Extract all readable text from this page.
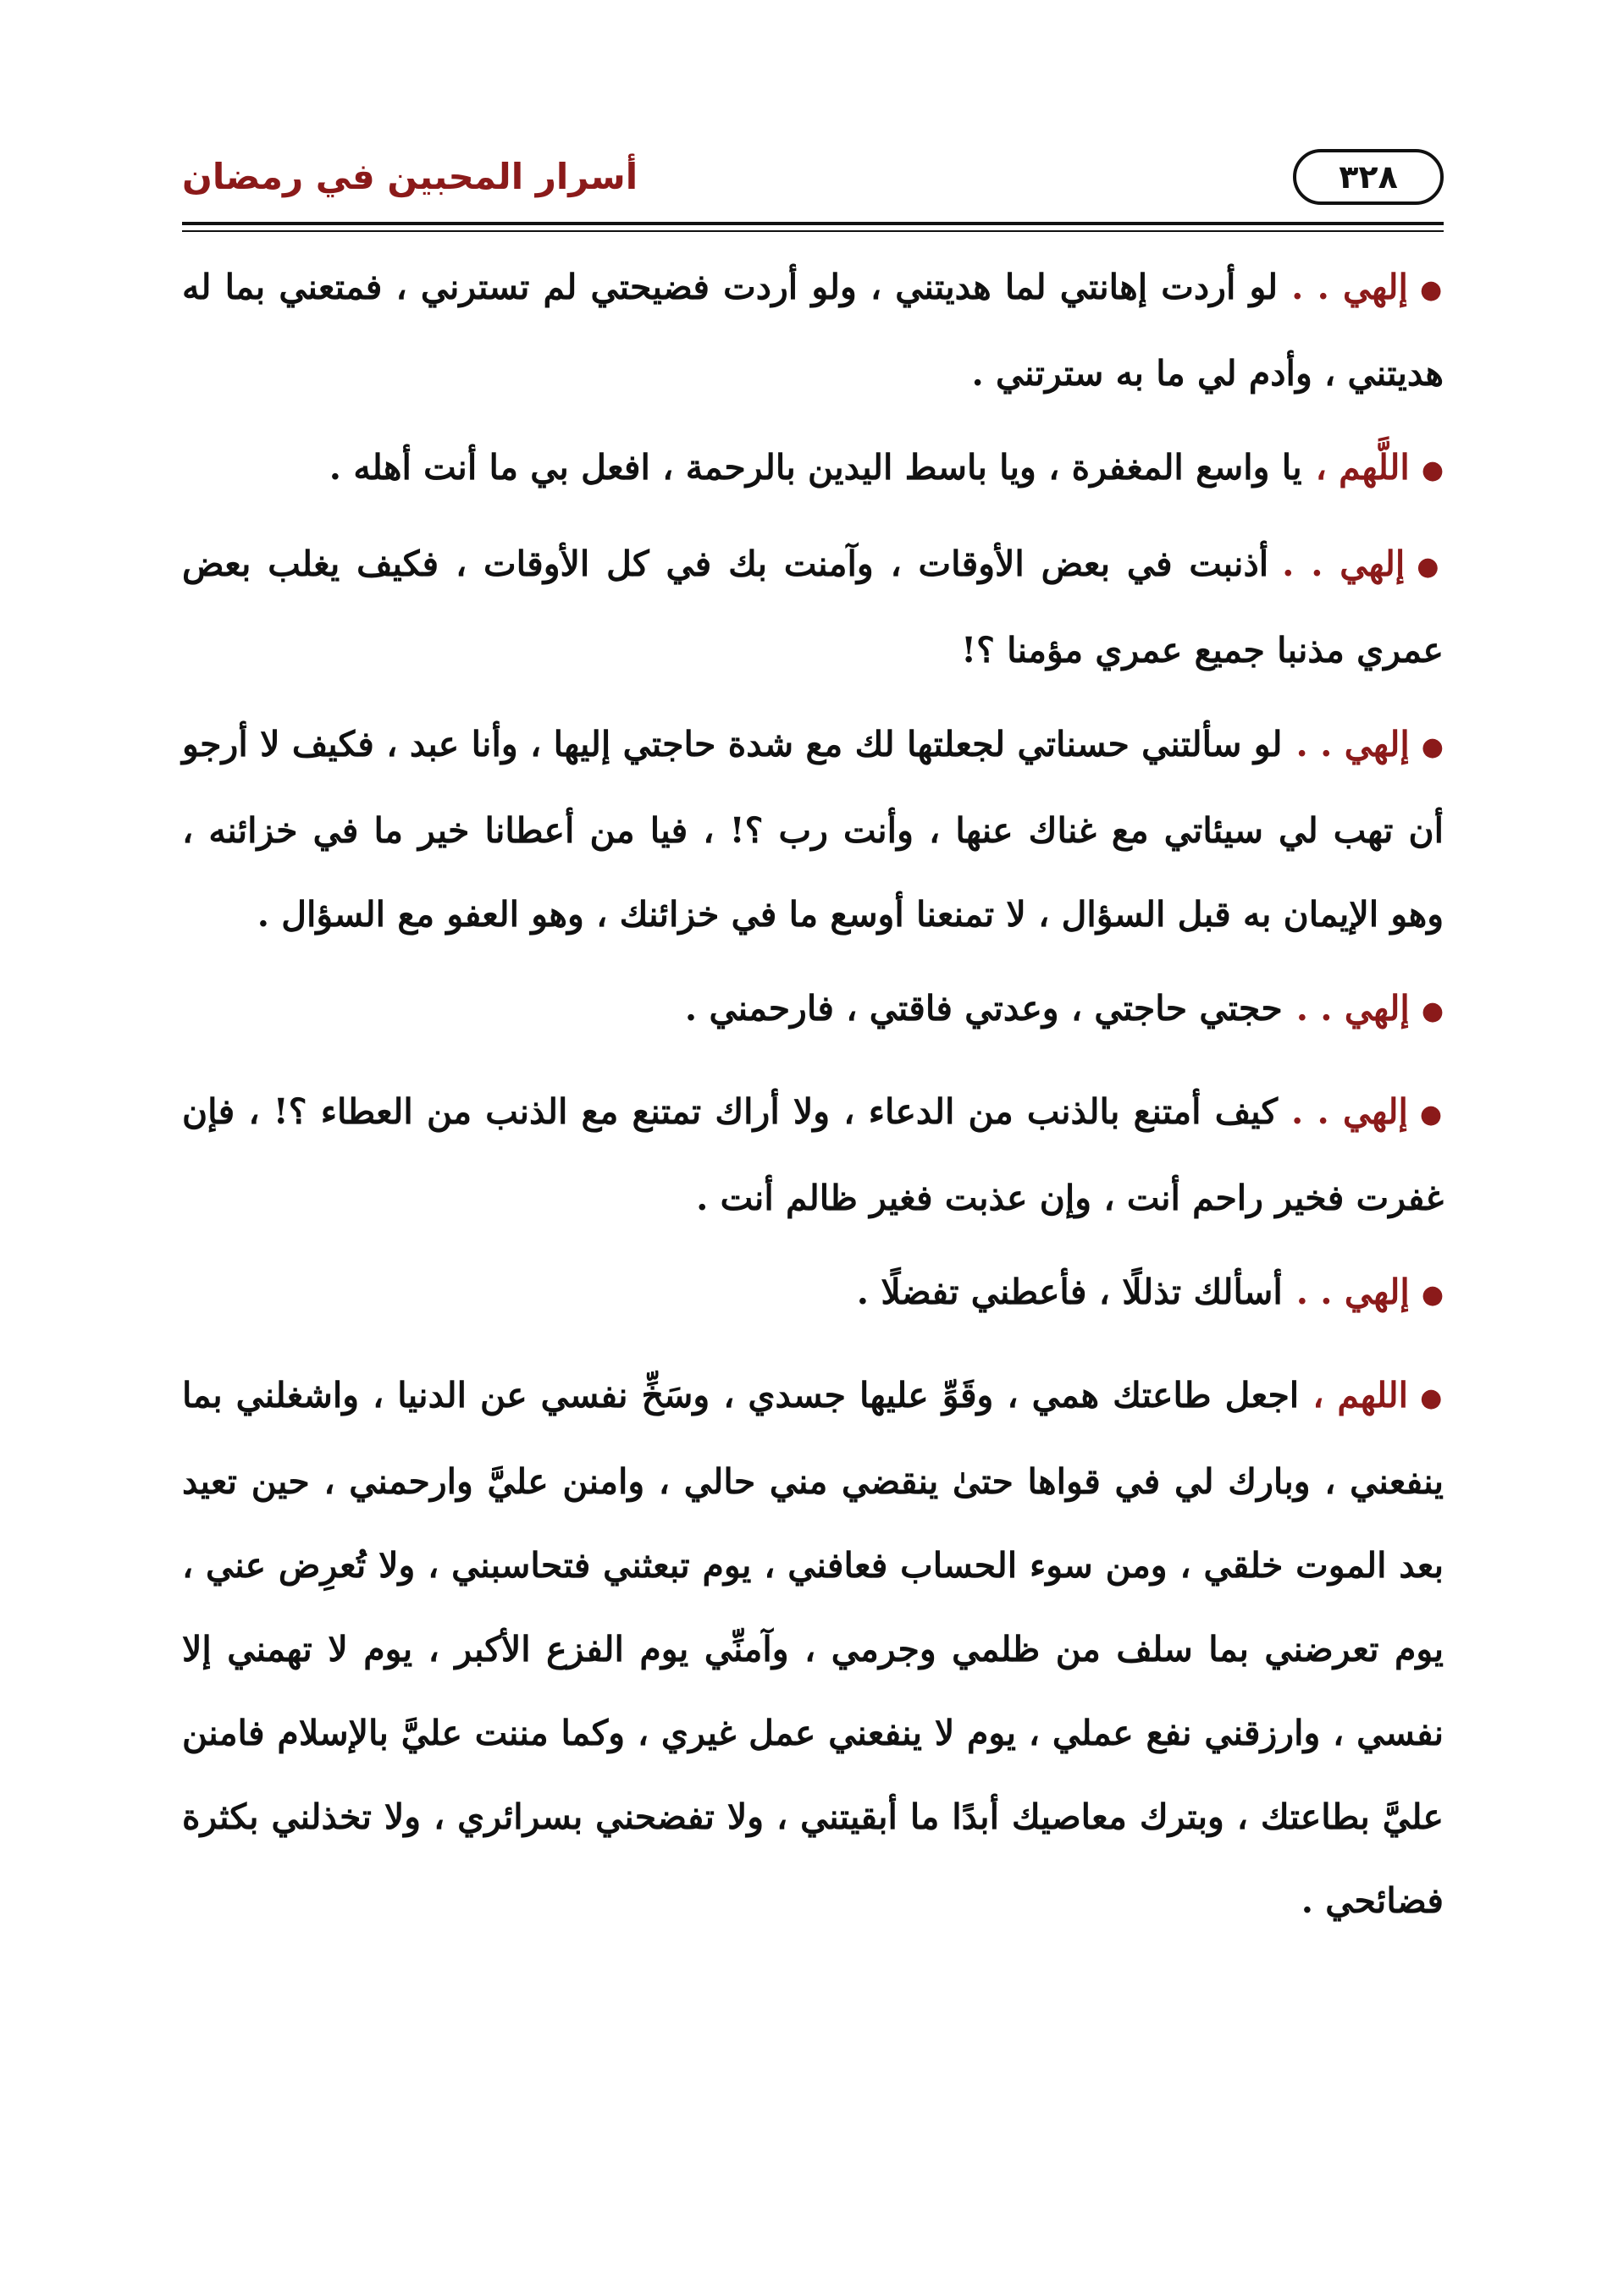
أسرار المحبين في رمضان	٣٢٨

●إلهي . .لو أردت إهانتي لما هديتني ، ولو أردت فضيحتي لم تسترني ، فمتعني بما له هديتني ، وأدم لي ما به سترتني .

●اللَّهم ،يا واسع المغفرة ، ويا باسط اليدين بالرحمة ، افعل بي ما أنت أهله .

●إلهي . .أذنبت في بعض الأوقات ، وآمنت بك في كل الأوقات ، فكيف يغلب بعض عمري مذنبا جميع عمري مؤمنا ؟!

●إلهي . .لو سألتني حسناتي لجعلتها لك مع شدة حاجتي إليها ، وأنا عبد ، فكيف لا أرجو أن تهب لي سيئاتي مع غناك عنها ، وأنت رب ؟! ، فيا من أعطانا خير ما في خزائنه ، وهو الإيمان به قبل السؤال ، لا تمنعنا أوسع ما في خزائنك ، وهو العفو مع السؤال .

●إلهي . .حجتي حاجتي ، وعدتي فاقتي ، فارحمني .

●إلهي . .كيف أمتنع بالذنب من الدعاء ، ولا أراك تمتنع مع الذنب من العطاء ؟! ، فإن غفرت فخير راحم أنت ، وإن عذبت فغير ظالم أنت .

●إلهي . .أسألك تذللًا ، فأعطني تفضلًا .

●اللهم ،اجعل طاعتك همي ، وقَوِّ عليها جسدي ، وسَخِّ نفسي عن الدنيا ، واشغلني بما ينفعني ، وبارك لي في قواها حتىٰ ينقضي مني حالي ، وامنن عليَّ وارحمني ، حين تعيد بعد الموت خلقي ، ومن سوء الحساب فعافني ، يوم تبعثني فتحاسبني ، ولا تُعرِض عني ، يوم تعرضني بما سلف من ظلمي وجرمي ، وآمنِّي يوم الفزع الأكبر ، يوم لا تهمني إلا نفسي ، وارزقني نفع عملي ، يوم لا ينفعني عمل غيري ، وكما مننت عليَّ بالإسلام فامنن عليَّ بطاعتك ، وبترك معاصيك أبدًا ما أبقيتني ، ولا تفضحني بسرائري ، ولا تخذلني بكثرة فضائحي .
